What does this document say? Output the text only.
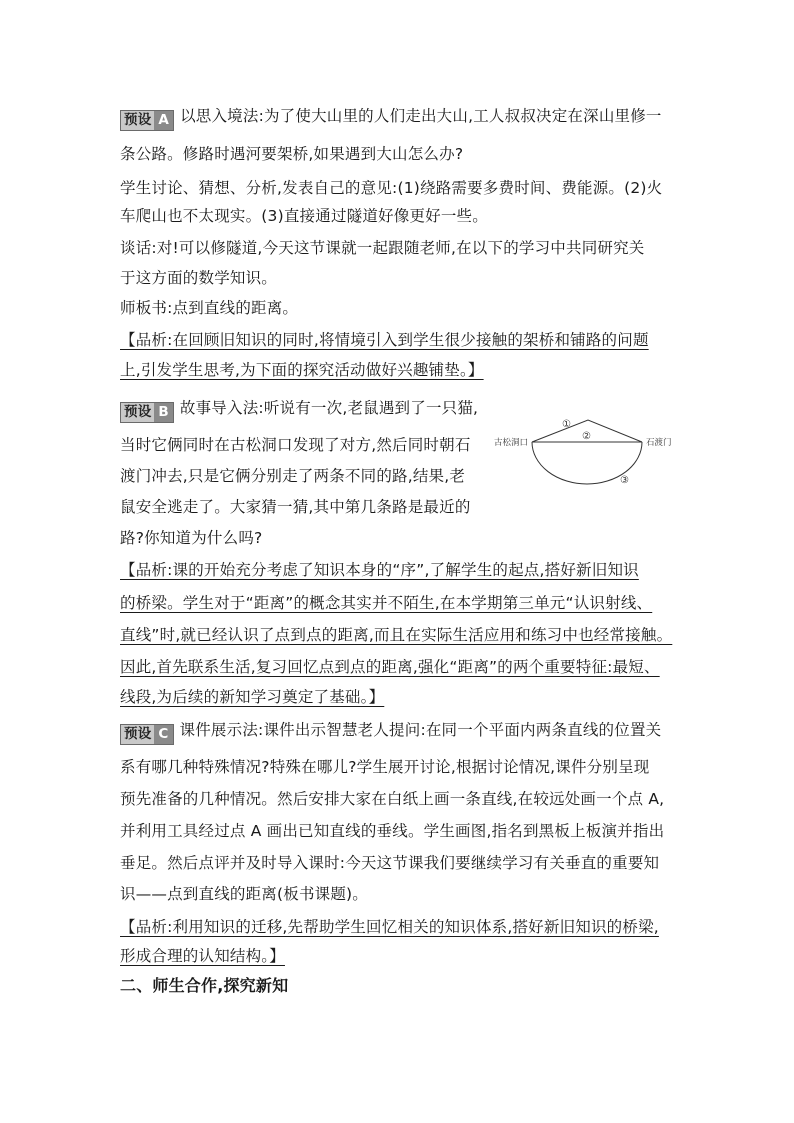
预设 A 以思入境法:为了使大山里的人们走出大山,工人叔叔决定在深山里修一
条公路。修路时遇河要架桥,如果遇到大山怎么办?
学生讨论、猜想、分析,发表自己的意见:(1)绕路需要多费时间、费能源。(2)火
车爬山也不太现实。(3)直接通过隧道好像更好一些。
谈话:对!可以修隧道,今天这节课就一起跟随老师,在以下的学习中共同研究关
于这方面的数学知识。
师板书:点到直线的距离。
【品析:在回顾旧知识的同时,将情境引入到学生很少接触的架桥和铺路的问题
上,引发学生思考,为下面的探究活动做好兴趣铺垫。】
预设 B 故事导入法:听说有一次,老鼠遇到了一只猫,
当时它俩同时在古松洞口发现了对方,然后同时朝石
渡门冲去,只是它俩分别走了两条不同的路,结果,老
鼠安全逃走了。大家猜一猜,其中第几条路是最近的
路?你知道为什么吗?
古松洞口	石渡门
①
②
③
【品析:课的开始充分考虑了知识本身的“序”,了解学生的起点,搭好新旧知识
的桥梁。学生对于“距离”的概念其实并不陌生,在本学期第三单元“认识射线、
直线”时,就已经认识了点到点的距离,而且在实际生活应用和练习中也经常接触。
因此,首先联系生活,复习回忆点到点的距离,强化“距离”的两个重要特征:最短、
线段,为后续的新知学习奠定了基础。】
预设 C 课件展示法:课件出示智慧老人提问:在同一个平面内两条直线的位置关
系有哪几种特殊情况?特殊在哪儿?学生展开讨论,根据讨论情况,课件分别呈现
预先准备的几种情况。然后安排大家在白纸上画一条直线,在较远处画一个点 A,
并利用工具经过点 A 画出已知直线的垂线。学生画图,指名到黑板上板演并指出
垂足。然后点评并及时导入课时:今天这节课我们要继续学习有关垂直的重要知
识——点到直线的距离(板书课题)。
【品析:利用知识的迁移,先帮助学生回忆相关的知识体系,搭好新旧知识的桥梁,
形成合理的认知结构。】
二、师生合作,探究新知
